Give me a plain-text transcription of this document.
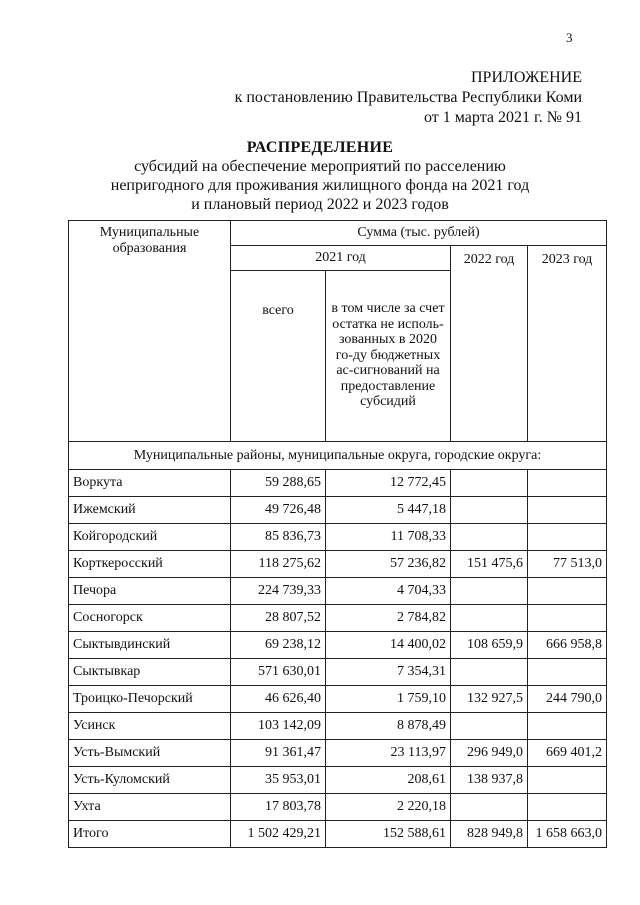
3
ПРИЛОЖЕНИЕ
к постановлению Правительства Республики Коми
от 1 марта 2021 г. № 91
РАСПРЕДЕЛЕНИЕ
субсидий на обеспечение мероприятий по расселению
непригодного для проживания жилищного фонда на 2021 год
и плановый период 2022 и 2023 годов
Муниципальные образования	Сумма (тыс. рублей)			
	2021 год		2022 год	2023 год
	всего	в том числе за счет остатка не исполь-зованных в 2020 го-ду бюджетных ас-сигнований на предоставление субсидий		
Муниципальные районы, муниципальные округа, городские округа:				
Воркута	59 288,65	12 772,45		
Ижемский	49 726,48	5 447,18		
Койгородский	85 836,73	11 708,33		
Корткеросский	118 275,62	57 236,82	151 475,6	77 513,0
Печора	224 739,33	4 704,33		
Сосногорск	28 807,52	2 784,82		
Сыктывдинский	69 238,12	14 400,02	108 659,9	666 958,8
Сыктывкар	571 630,01	7 354,31		
Троицко-Печорский	46 626,40	1 759,10	132 927,5	244 790,0
Усинск	103 142,09	8 878,49		
Усть-Вымский	91 361,47	23 113,97	296 949,0	669 401,2
Усть-Куломский	35 953,01	208,61	138 937,8	
Ухта	17 803,78	2 220,18		
Итого	1 502 429,21	152 588,61	828 949,8	1 658 663,0
